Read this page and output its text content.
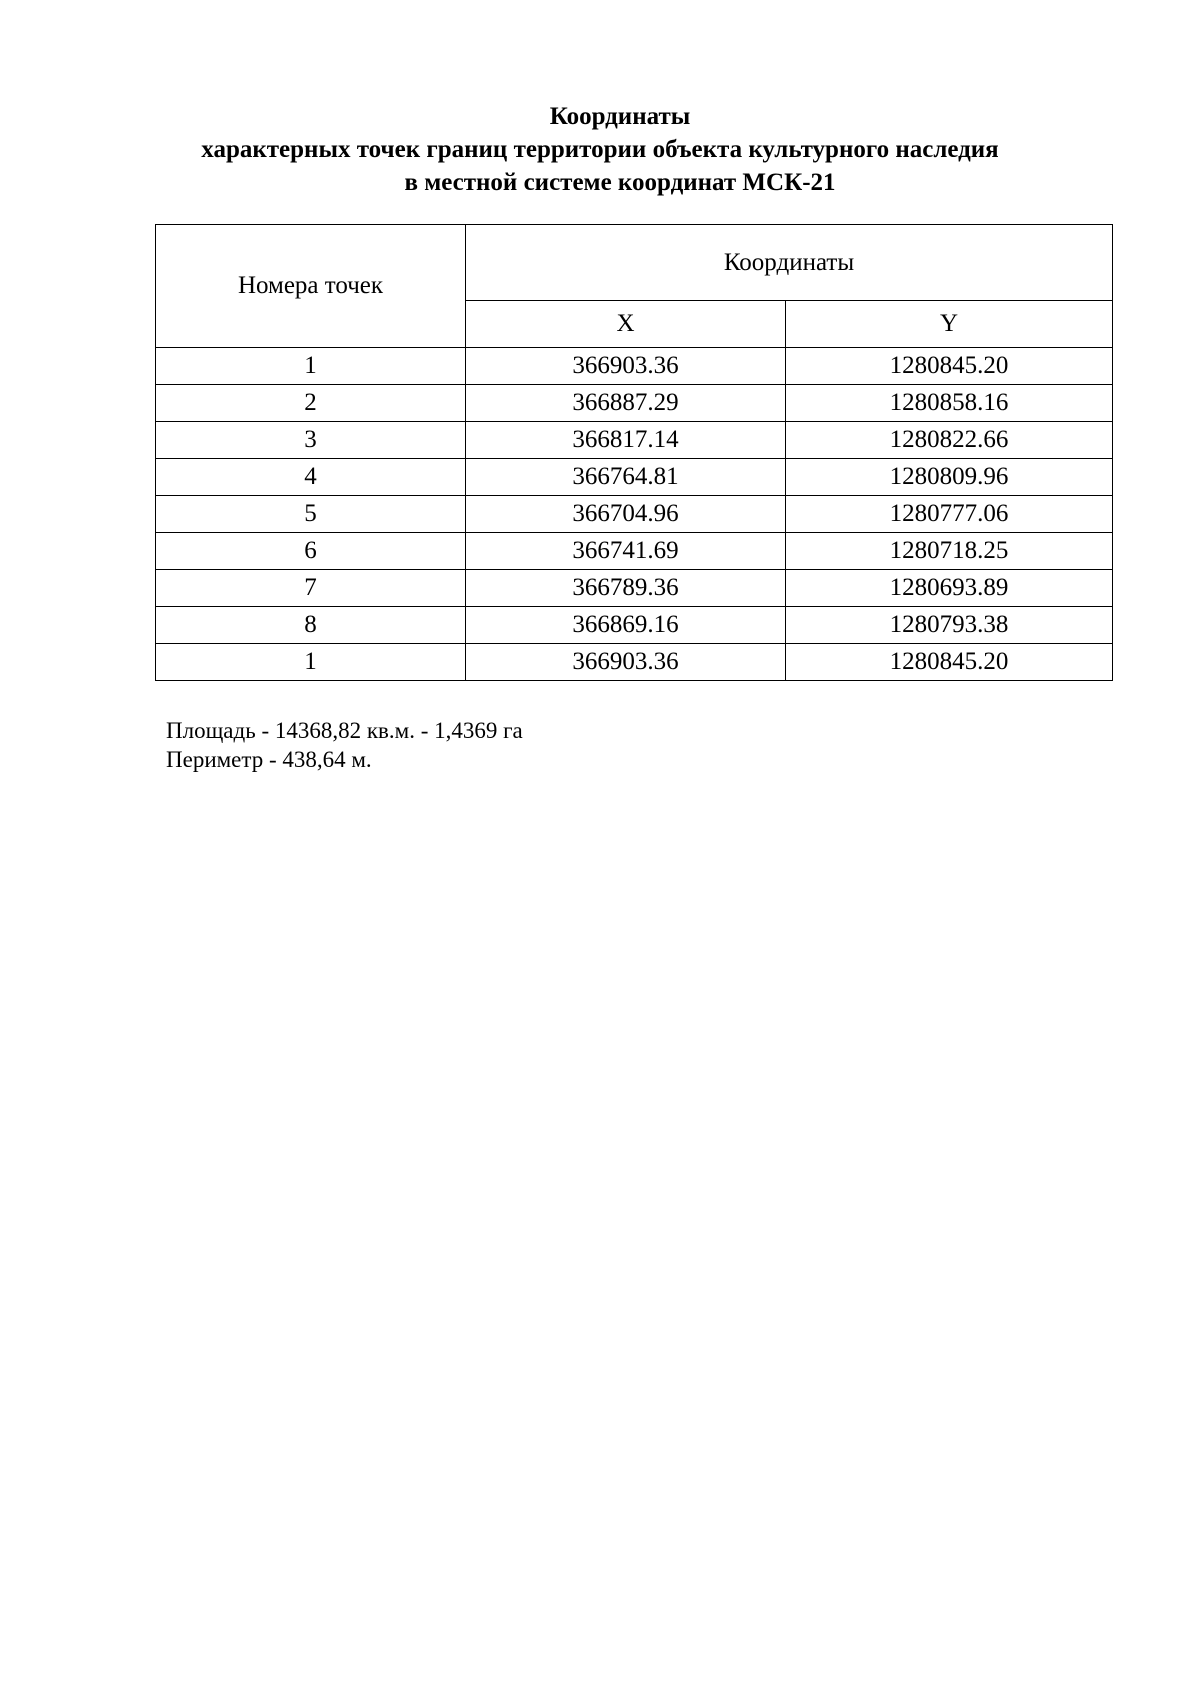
Координаты
характерных точек границ территории объекта культурного наследия
в местной системе координат МСК-21
Номера точек	Координаты	
	X	Y
1	366903.36	1280845.20
2	366887.29	1280858.16
3	366817.14	1280822.66
4	366764.81	1280809.96
5	366704.96	1280777.06
6	366741.69	1280718.25
7	366789.36	1280693.89
8	366869.16	1280793.38
1	366903.36	1280845.20
Площадь - 14368,82 кв.м. - 1,4369 га
Периметр - 438,64 м.
